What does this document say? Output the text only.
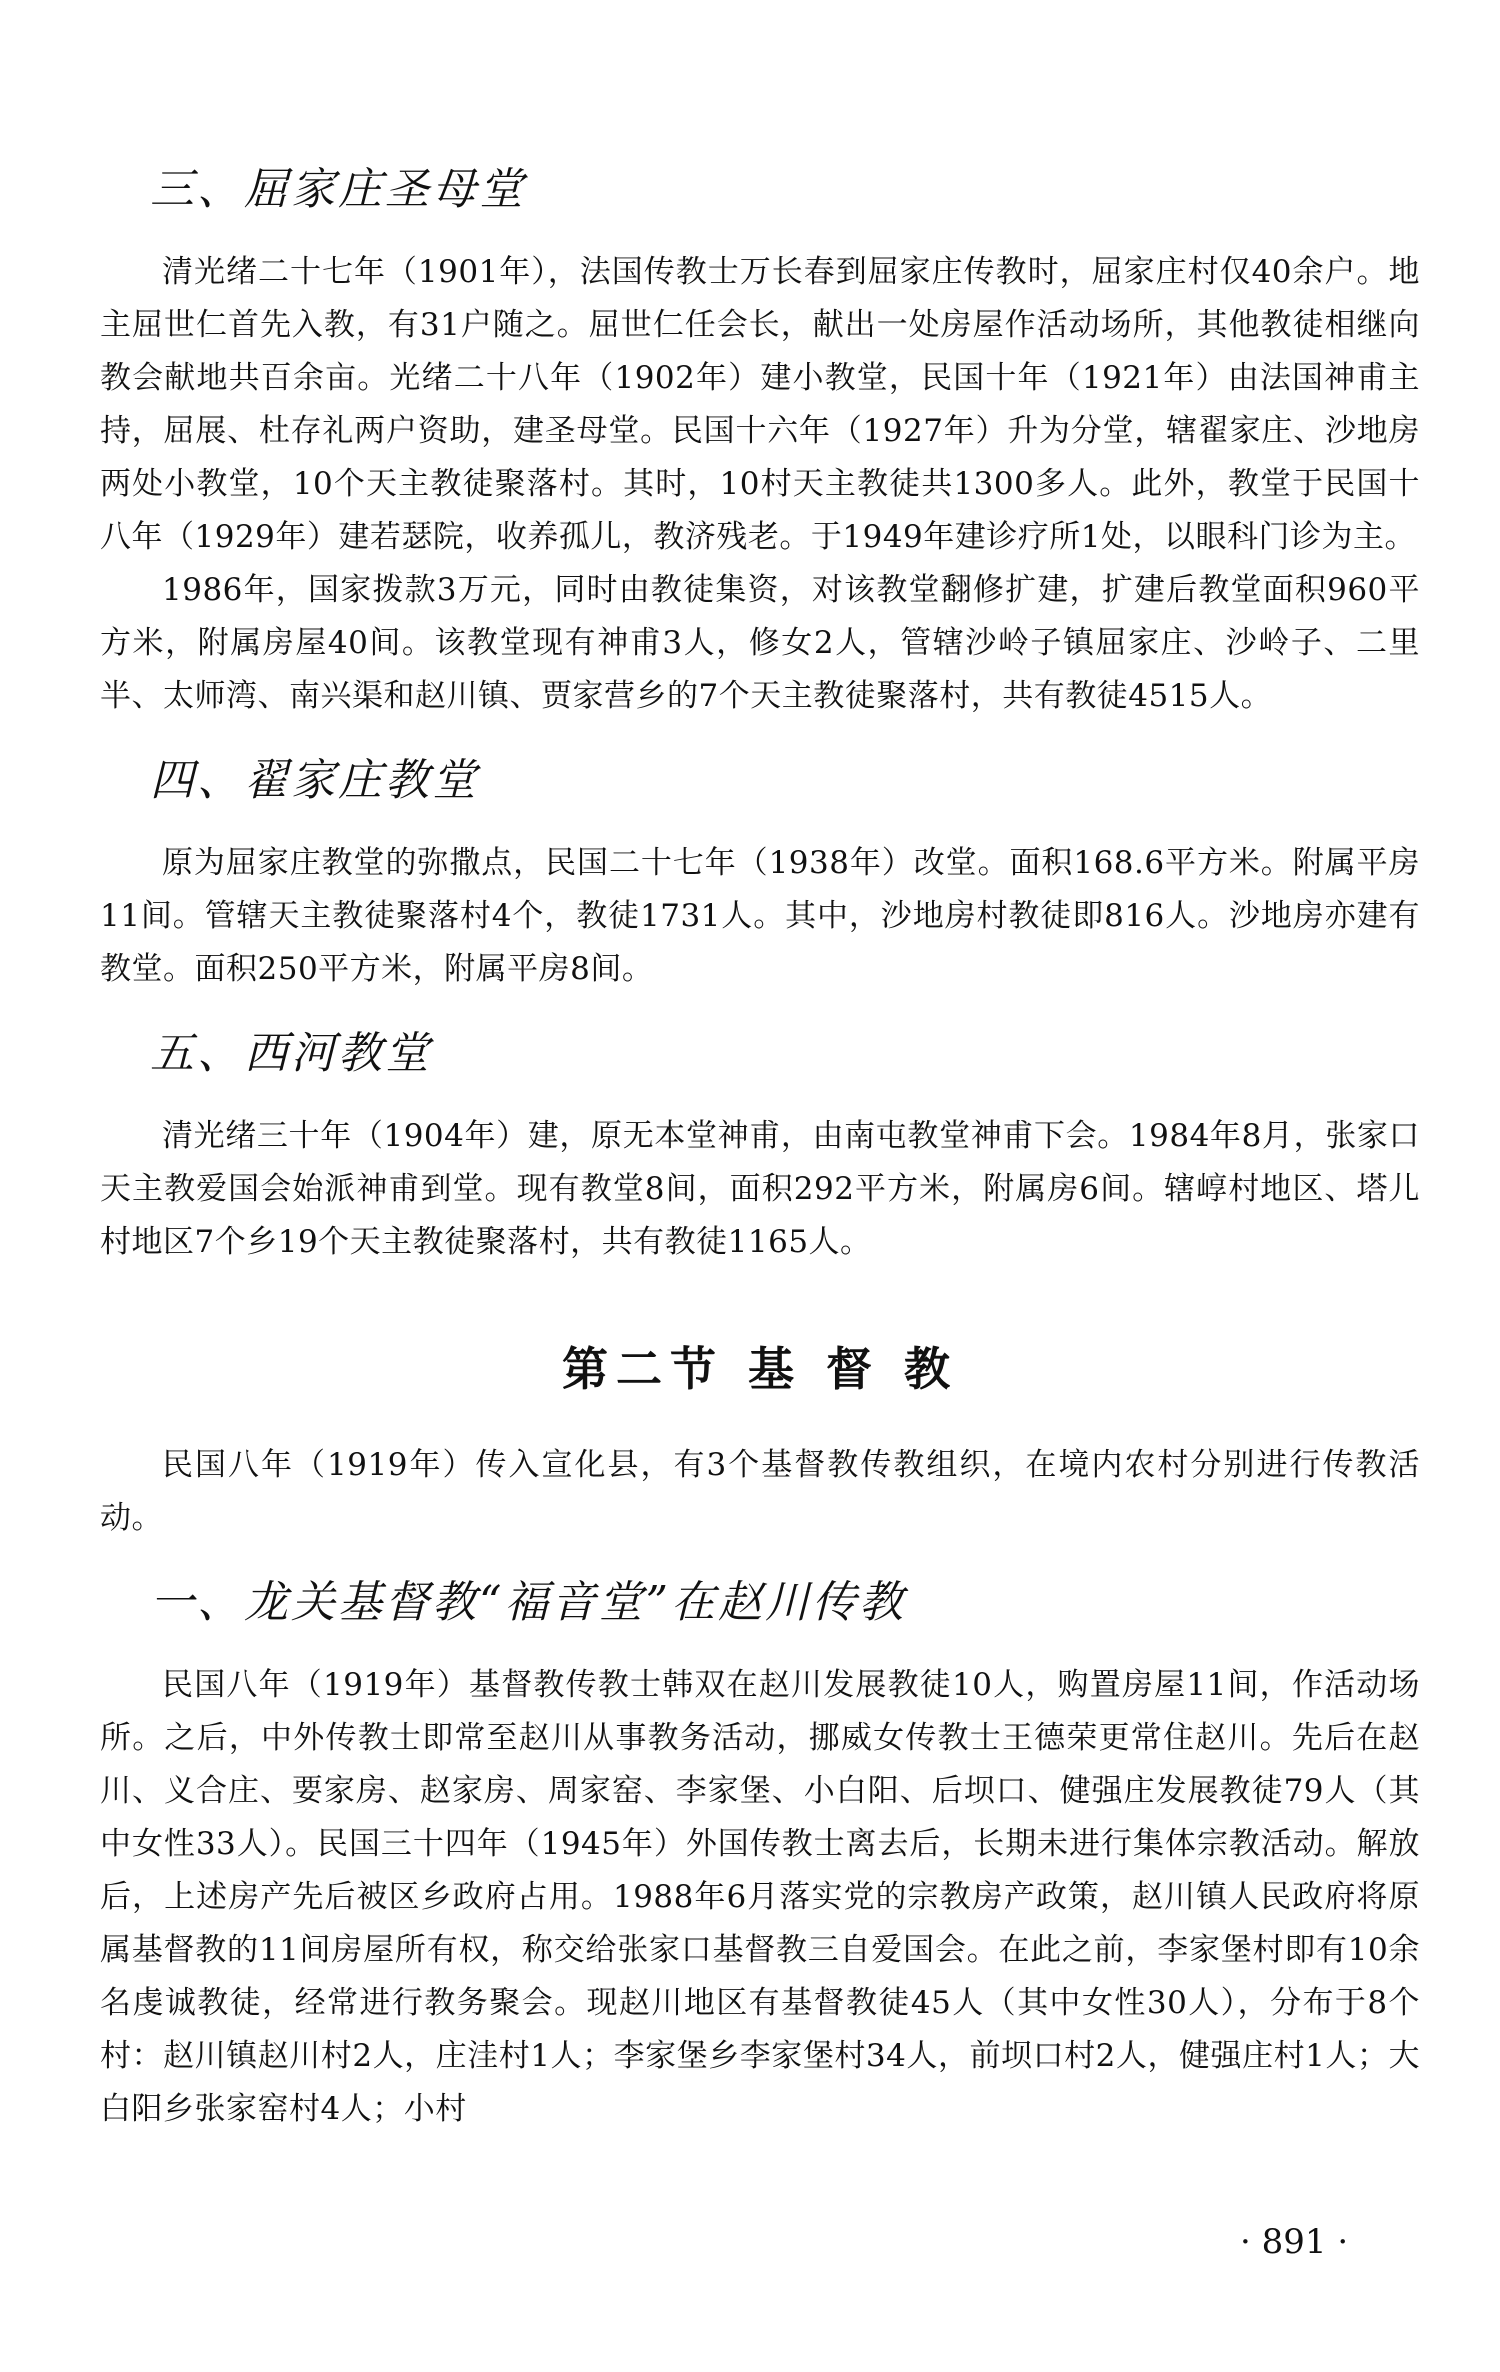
三、屈家庄圣母堂

清光绪二十七年（1901年），法国传教士万长春到屈家庄传教时，屈家庄村仅40余户。地主屈世仁首先入教，有31户随之。屈世仁任会长，献出一处房屋作活动场所，其他教徒相继向教会献地共百余亩。光绪二十八年（1902年）建小教堂，民国十年（1921年）由法国神甫主持，屈展、杜存礼两户资助，建圣母堂。民国十六年（1927年）升为分堂，辖翟家庄、沙地房两处小教堂，10个天主教徒聚落村。其时，10村天主教徒共1300多人。此外，教堂于民国十八年（1929年）建若瑟院，收养孤儿，教济残老。于1949年建诊疗所1处，以眼科门诊为主。

1986年，国家拨款3万元，同时由教徒集资，对该教堂翻修扩建，扩建后教堂面积960平方米，附属房屋40间。该教堂现有神甫3人，修女2人，管辖沙岭子镇屈家庄、沙岭子、二里半、太师湾、南兴渠和赵川镇、贾家营乡的7个天主教徒聚落村，共有教徒4515人。

四、翟家庄教堂

原为屈家庄教堂的弥撒点，民国二十七年（1938年）改堂。面积168.6平方米。附属平房11间。管辖天主教徒聚落村4个，教徒1731人。其中，沙地房村教徒即816人。沙地房亦建有教堂。面积250平方米，附属平房8间。

五、西河教堂

清光绪三十年（1904年）建，原无本堂神甫，由南屯教堂神甫下会。1984年8月，张家口天主教爱国会始派神甫到堂。现有教堂8间，面积292平方米，附属房6间。辖崞村地区、塔儿村地区7个乡19个天主教徒聚落村，共有教徒1165人。

第二节 基 督 教

民国八年（1919年）传入宣化县，有3个基督教传教组织，在境内农村分别进行传教活动。

一、龙关基督教“福音堂”在赵川传教

民国八年（1919年）基督教传教士韩双在赵川发展教徒10人，购置房屋11间，作活动场所。之后，中外传教士即常至赵川从事教务活动，挪威女传教士王德荣更常住赵川。先后在赵川、义合庄、要家房、赵家房、周家窑、李家堡、小白阳、后坝口、健强庄发展教徒79人（其中女性33人）。民国三十四年（1945年）外国传教士离去后，长期未进行集体宗教活动。解放后，上述房产先后被区乡政府占用。1988年6月落实党的宗教房产政策，赵川镇人民政府将原属基督教的11间房屋所有权，称交给张家口基督教三自爱国会。在此之前，李家堡村即有10余名虔诚教徒，经常进行教务聚会。现赵川地区有基督教徒45人（其中女性30人），分布于8个村：赵川镇赵川村2人，庄洼村1人；李家堡乡李家堡村34人，前坝口村2人，健强庄村1人；大白阳乡张家窑村4人；小村

· 891 ·
